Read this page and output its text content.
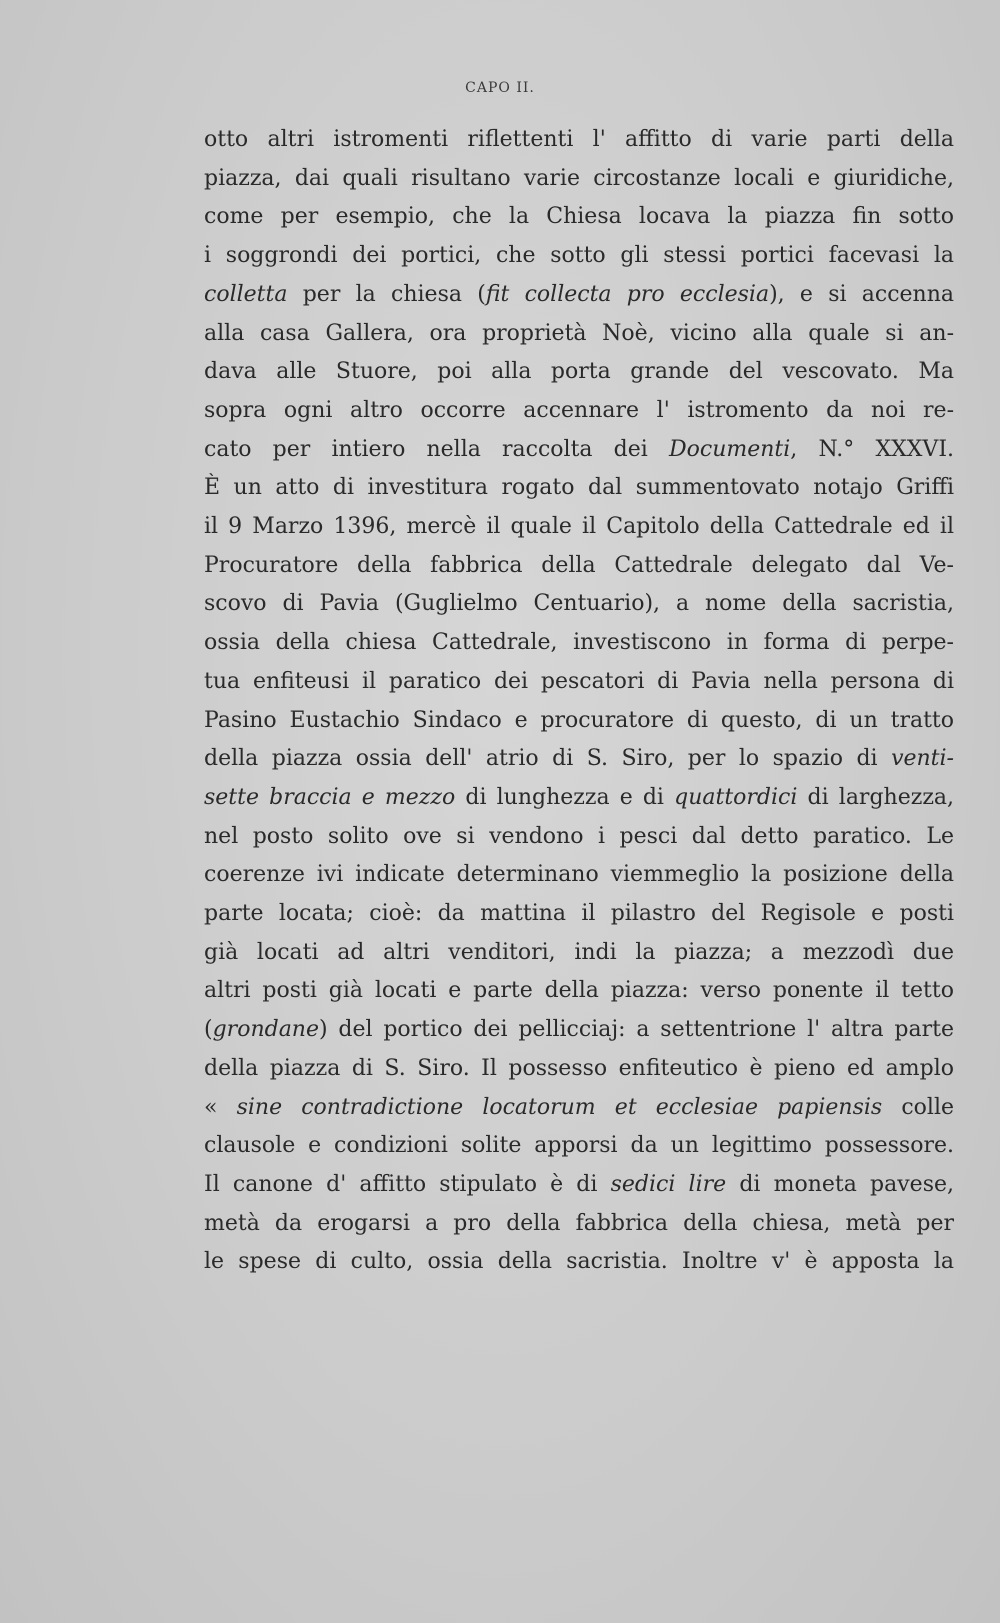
CAPO II.
otto altri istromenti riflettenti l' affitto di varie parti della
piazza, dai quali risultano varie circostanze locali e giuridiche,
come per esempio, che la Chiesa locava la piazza fin sotto
i soggrondi dei portici, che sotto gli stessi portici facevasi la
colletta per la chiesa (fit collecta pro ecclesia), e si accenna
alla casa Gallera, ora proprietà Noè, vicino alla quale si an-
dava alle Stuore, poi alla porta grande del vescovato. Ma
sopra ogni altro occorre accennare l' istromento da noi re-
cato per intiero nella raccolta dei Documenti, N.° XXXVI.
È un atto di investitura rogato dal summentovato notajo Griffi
il 9 Marzo 1396, mercè il quale il Capitolo della Cattedrale ed il
Procuratore della fabbrica della Cattedrale delegato dal Ve-
scovo di Pavia (Guglielmo Centuario), a nome della sacristia,
ossia della chiesa Cattedrale, investiscono in forma di perpe-
tua enfiteusi il paratico dei pescatori di Pavia nella persona di
Pasino Eustachio Sindaco e procuratore di questo, di un tratto
della piazza ossia dell' atrio di S. Siro, per lo spazio di venti-
sette braccia e mezzo di lunghezza e di quattordici di larghezza,
nel posto solito ove si vendono i pesci dal detto paratico. Le
coerenze ivi indicate determinano viemmeglio la posizione della
parte locata; cioè: da mattina il pilastro del Regisole e posti
già locati ad altri venditori, indi la piazza; a mezzodì due
altri posti già locati e parte della piazza: verso ponente il tetto
(grondane) del portico dei pellicciaj: a settentrione l' altra parte
della piazza di S. Siro. Il possesso enfiteutico è pieno ed amplo
« sine contradictione locatorum et ecclesiae papiensis colle
clausole e condizioni solite apporsi da un legittimo possessore.
Il canone d' affitto stipulato è di sedici lire di moneta pavese,
metà da erogarsi a pro della fabbrica della chiesa, metà per
le spese di culto, ossia della sacristia. Inoltre v' è apposta la
